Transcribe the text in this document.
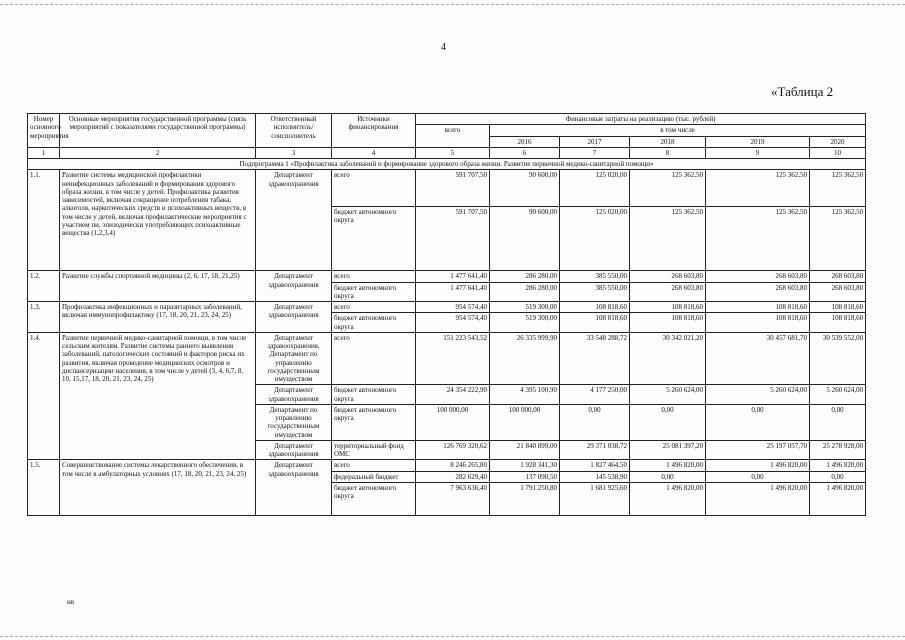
4
«Таблица 2
Номер основного мероприятия	Основные мероприятия государственной программы (связь мероприятий с показателями государственной программы)	Ответственный исполнитель/ соисполнитель	Источники финансирования	Финансовые затраты на реализацию (тыс. рублей)					
				всего	в том числе				
					2016	2017	2018	2019	2020
1	2	3	4	5	6	7	8	9	10
Подпрограмма 1 «Профилактика заболеваний и формирование здорового образа жизни. Развитие первичной медико-санитарной помощи»									
1.1.	Развитие системы медицинской профилактики неинфекционных заболеваний и формирования здорового образа жизни, в том числе у детей. Профилактика развития зависимостей, включая сокращение потребления табака, алкоголя, наркотических средств и психоактивных веществ, в том числе у детей, включая профилактические мероприятия с участием пи, эпизодически употребляющих психоактивные вещества (1,2,3,4)	Департамент здравоохранения	всего	591 707,50	90 600,00	125 020,00	125 362,50	125 362,50	125 362,50
			бюджет автономного округа	591 707,50	90 600,00	125 020,00	125 362,50	125 362,50	125 362,50
1.2.	Развитие службы спортивной медицины (2, 6, 17, 18, 21,25)	Департамент здравоохранения	всего	1 477 641,40	286 280,00	385 550,00	268 603,80	268 603,80	268 603,80
			бюджет автономного округа	1 477 641,40	286 280,00	385 550,00	268 603,80	268 603,80	268 603,80
1.3.	Профилактика инфекционных и паразитарных заболеваний, включая иммунопрофилактику (17, 18, 20, 21, 23, 24, 25)	Департамент здравоохранения	всего	954 574,40	519 300,00	108 818,60	108 818,60	108 818,60	108 818,60
			бюджет автономного округа	954 574,40	519 300,00	108 818,60	108 818,60	108 818,60	108 818,60
1.4.	Развитие первичной медико-санитарной помощи, в том числе сельским жителям. Развитие системы раннего выявления заболеваний, патологических состояний и факторов риска их развития, включая проведение медицинских осмотров и диспансеризации населения, в том числе у детей (3, 4, 6,7, 8, 10, 15,17, 18, 20, 21, 23, 24, 25)	Департамент здравоохранения, Департамент по управлению государственным имуществом	всего	151 223 543,52	26 335 999,90	33 548 288,72	30 342 021,20	30 457 681,70	30 539 552,00
		Департамент здравоохранения	бюджет автономного округа	24 354 222,90	4 395 100,90	4 177 250,00	5 260 624,00	5 260 624,00	5 260 624,00
		Департамент по управлению государственным имуществом	бюджет автономного округа	100 000,00	100 000,00	0,00	0,00	0,00	0,00
		Департамент здравоохранения	территориальный фонд ОМС	126 769 320,62	21 840 899,00	29 371 038,72	25 081 397,20	25 197 057,70	25 278 928,00
1.5.	Совершенствование системы лекарственного обеспечения, в том числе в амбулаторных условиях (17, 18, 20, 21, 23, 24, 25)	Департамент здравоохранения	всего	8 246 265,80	1 928 341,30	1 827 464,50	1 496 820,00	1 496 820,00	1 496 820,00
			федеральный бюджет	282 629,40	137 090,50	145 538,90	0,00	0,00	0,00
			бюджет автономного округа	7 963 636,40	1 791 250,80	1 681 925,60	1 496 820,00	1 496 820,00	1 496 820,00
нв
